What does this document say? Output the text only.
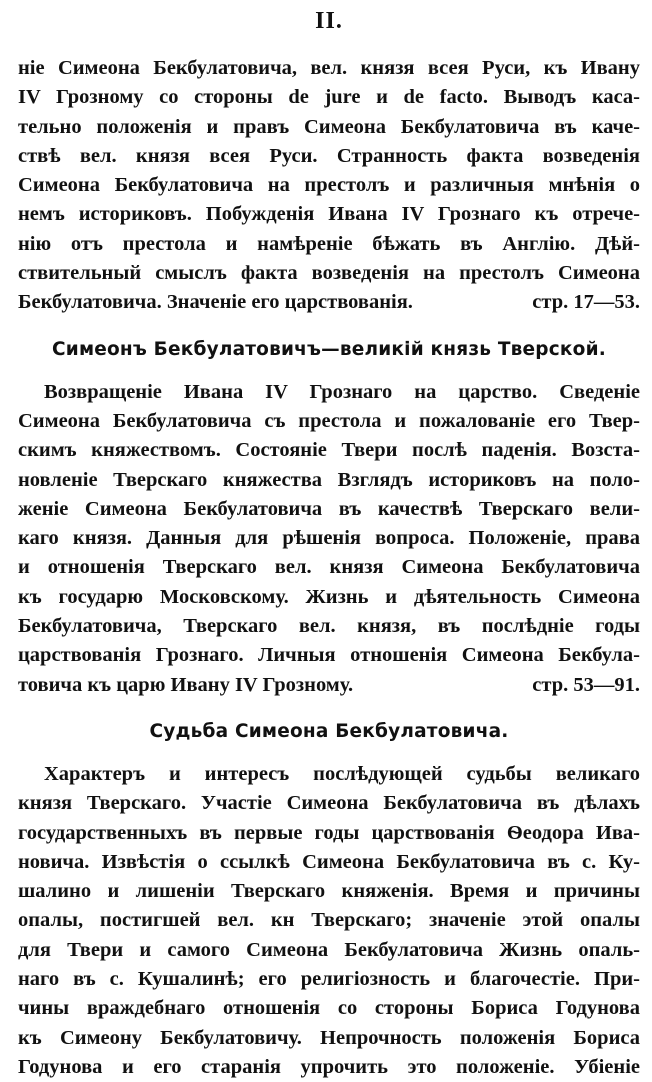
II.
ніе Симеона Бекбулатовича, вел. князя всея Руси, къ Ивану
IV Грозному со стороны de jure и de facto. Выводъ каса-
тельно положенія и правъ Симеона Бекбулатовича въ каче-
ствѣ вел. князя всея Руси. Странность факта возведенія
Симеона Бекбулатовича на престолъ и различныя мнѣнія о
немъ историковъ. Побужденія Ивана IV Грознаго къ отрече-
нію отъ престола и намѣреніе бѣжать въ Англію. Дѣй-
ствительный смыслъ факта возведенія на престолъ Симеона
Бекбулатовича. Значеніе его царствованія.	стр. 17—53.
Симеонъ Бекбулатовичъ—великій князь Тверской.
Возвращеніе Ивана IV Грознаго на царство. Сведеніе
Симеона Бекбулатовича съ престола и пожалованіе его Твер-
скимъ княжествомъ. Состояніе Твери послѣ паденія. Возста-
новленіе Тверскаго княжества Взглядъ историковъ на поло-
женіе Симеона Бекбулатовича въ качествѣ Тверскаго вели-
каго князя. Данныя для рѣшенія вопроса. Положеніе, права
и отношенія Тверскаго вел. князя Симеона Бекбулатовича
къ государю Московскому. Жизнь и дѣятельность Симеона
Бекбулатовича, Тверскаго вел. князя, въ послѣдніе годы
царствованія Грознаго. Личныя отношенія Симеона Бекбула-
товича къ царю Ивану IV Грозному.	стр. 53—91.
Судьба Симеона Бекбулатовича.
Характеръ и интересъ послѣдующей судьбы великаго
князя Тверскаго. Участіе Симеона Бекбулатовича въ дѣлахъ
государственныхъ въ первые годы царствованія Ѳеодора Ива-
новича. Извѣстія о ссылкѣ Симеона Бекбулатовича въ с. Ку-
шалино и лишеніи Тверскаго княженія. Время и причины
опалы, постигшей вел. кн Тверскаго; значеніе этой опалы
для Твери и самого Симеона Бекбулатовича Жизнь опаль-
наго въ с. Кушалинѣ; его религіозность и благочестіе. При-
чины враждебнаго отношенія со стороны Бориса Годунова
къ Симеону Бекбулатовичу. Непрочность положенія Бориса
Годунова и его старанія упрочить это положеніе. Убіеніе
